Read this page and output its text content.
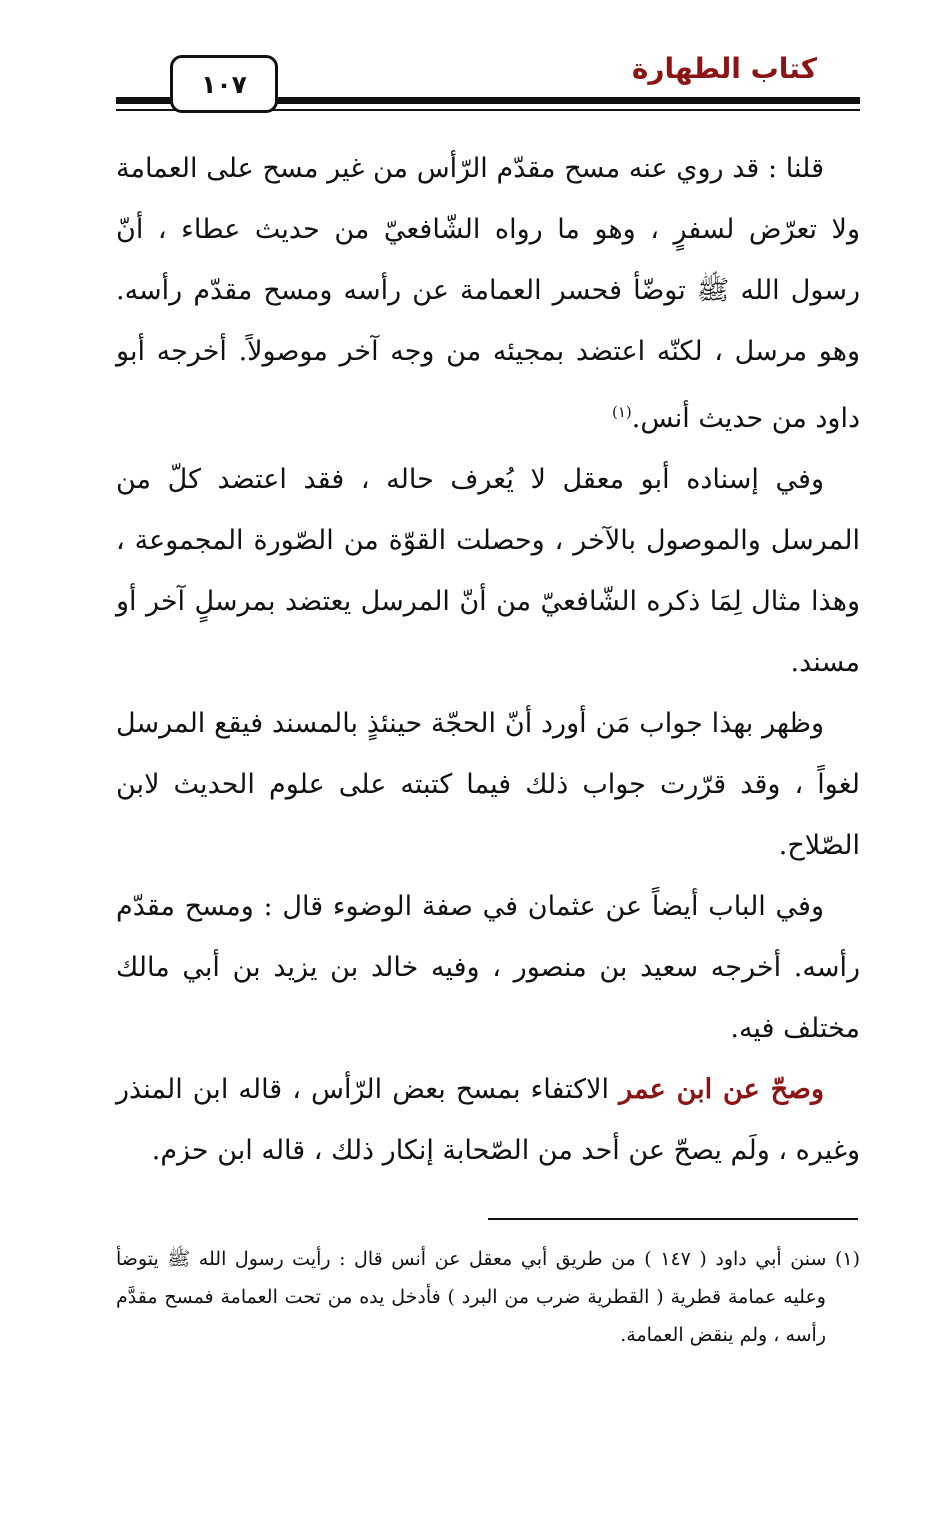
كتاب الطهارة
١٠٧

قلنا : قد روي عنه مسح مقدّم الرّأس من غير مسح على العمامة ولا تعرّض لسفرٍ ، وهو ما رواه الشّافعيّ من حديث عطاء ، أنّ رسول الله ﷺ توضّأ فحسر العمامة عن رأسه ومسح مقدّم رأسه. وهو مرسل ، لكنّه اعتضد بمجيئه من وجه آخر موصولاً. أخرجه أبو داود من حديث أنس.$^{(١)}$

وفي إسناده أبو معقل لا يُعرف حاله ، فقد اعتضد كلّ من المرسل والموصول بالآخر ، وحصلت القوّة من الصّورة المجموعة ، وهذا مثال لِمَا ذكره الشّافعيّ من أنّ المرسل يعتضد بمرسلٍ آخر أو مسند.

وظهر بهذا جواب مَن أورد أنّ الحجّة حينئذٍ بالمسند فيقع المرسل لغواً ، وقد قرّرت جواب ذلك فيما كتبته على علوم الحديث لابن الصّلاح.

وفي الباب أيضاً عن عثمان في صفة الوضوء قال : ومسح مقدّم رأسه. أخرجه سعيد بن منصور ، وفيه خالد بن يزيد بن أبي مالك مختلف فيه.

وصحّ عن ابن عمر الاكتفاء بمسح بعض الرّأس ، قاله ابن المنذر وغيره ، ولَم يصحّ عن أحد من الصّحابة إنكار ذلك ، قاله ابن حزم.

(١) سنن أبي داود ( ١٤٧ ) من طريق أبي معقل عن أنس قال : رأيت رسول الله ﷺ يتوضأ وعليه عمامة قطرية ( القطرية ضرب من البرد ) فأدخل يده من تحت العمامة فمسح مقدَّم رأسه ، ولم ينقض العمامة.
